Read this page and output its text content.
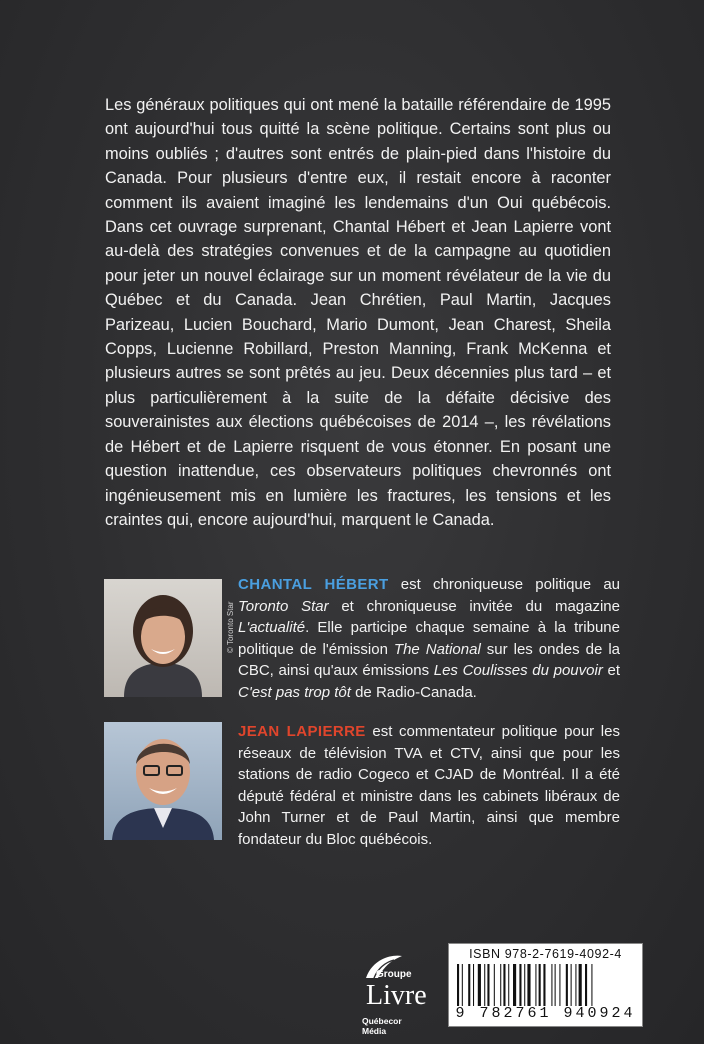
Les généraux politiques qui ont mené la bataille référendaire de 1995 ont aujourd'hui tous quitté la scène politique. Certains sont plus ou moins oubliés ; d'autres sont entrés de plain-pied dans l'histoire du Canada. Pour plusieurs d'entre eux, il restait encore à raconter comment ils avaient imaginé les lendemains d'un Oui québécois. Dans cet ouvrage surprenant, Chantal Hébert et Jean Lapierre vont au-delà des stratégies convenues et de la campagne au quotidien pour jeter un nouvel éclairage sur un moment révélateur de la vie du Québec et du Canada. Jean Chrétien, Paul Martin, Jacques Parizeau, Lucien Bouchard, Mario Dumont, Jean Charest, Sheila Copps, Lucienne Robillard, Preston Manning, Frank McKenna et plusieurs autres se sont prêtés au jeu. Deux décennies plus tard – et plus particulièrement à la suite de la défaite décisive des souverainistes aux élections québécoises de 2014 –, les révélations de Hébert et de Lapierre risquent de vous étonner. En posant une question inattendue, ces observateurs politiques chevronnés ont ingénieusement mis en lumière les fractures, les tensions et les craintes qui, encore aujourd'hui, marquent le Canada.
© Toronto Star
CHANTAL HÉBERT est chroniqueuse politique au Toronto Star et chroniqueuse invitée du magazine L'actualité. Elle participe chaque semaine à la tribune politique de l'émission The National sur les ondes de la CBC, ainsi qu'aux émissions Les Coulisses du pouvoir et C'est pas trop tôt de Radio-Canada.
JEAN LAPIERRE est commentateur politique pour les réseaux de télévision TVA et CTV, ainsi que pour les stations de radio Cogeco et CJAD de Montréal. Il a été député fédéral et ministre dans les cabinets libéraux de John Turner et de Paul Martin, ainsi que membre fondateur du Bloc québécois.
Groupe
Livre
Québecor Média
ISBN 978-2-7619-4092-4
9 782761 940924
